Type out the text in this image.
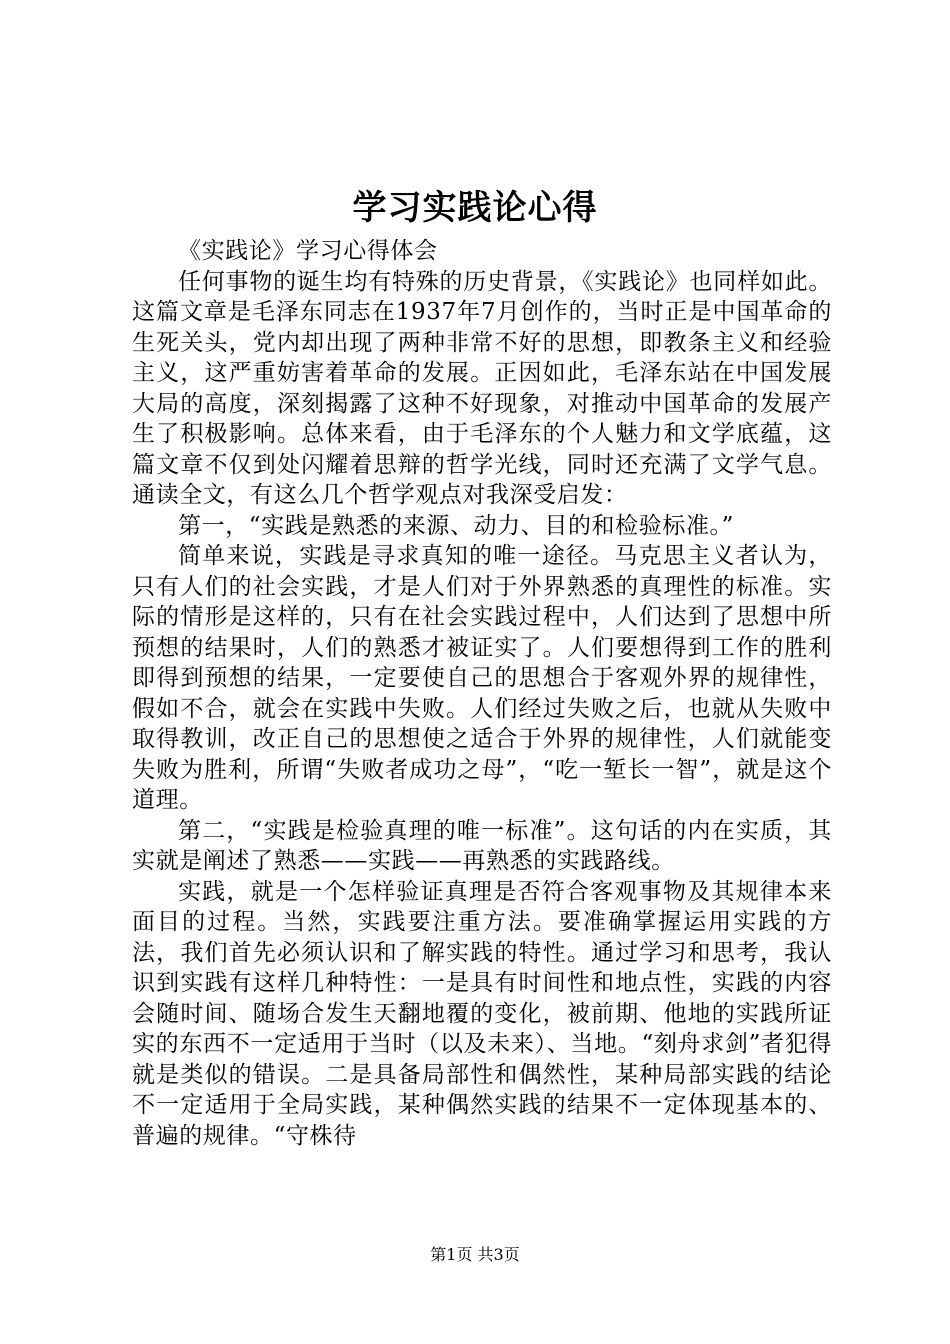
学习实践论心得

《实践论》学习心得体会

任何事物的诞生均有特殊的历史背景，《实践论》也同样如此。这篇文章是毛泽东同志在1937年7月创作的，当时正是中国革命的生死关头，党内却出现了两种非常不好的思想，即教条主义和经验主义，这严重妨害着革命的发展。正因如此，毛泽东站在中国发展大局的高度，深刻揭露了这种不好现象，对推动中国革命的发展产生了积极影响。总体来看，由于毛泽东的个人魅力和文学底蕴，这篇文章不仅到处闪耀着思辩的哲学光线，同时还充满了文学气息。通读全文，有这么几个哲学观点对我深受启发：

第一，“实践是熟悉的来源、动力、目的和检验标准。”

简单来说，实践是寻求真知的唯一途径。马克思主义者认为，只有人们的社会实践，才是人们对于外界熟悉的真理性的标准。实际的情形是这样的，只有在社会实践过程中，人们达到了思想中所预想的结果时，人们的熟悉才被证实了。人们要想得到工作的胜利即得到预想的结果，一定要使自己的思想合于客观外界的规律性，假如不合，就会在实践中失败。人们经过失败之后，也就从失败中取得教训，改正自己的思想使之适合于外界的规律性，人们就能变失败为胜利，所谓“失败者成功之母”，“吃一堑长一智”，就是这个道理。

第二，“实践是检验真理的唯一标准”。这句话的内在实质，其实就是阐述了熟悉——实践——再熟悉的实践路线。

实践，就是一个怎样验证真理是否符合客观事物及其规律本来面目的过程。当然，实践要注重方法。要准确掌握运用实践的方法，我们首先必须认识和了解实践的特性。通过学习和思考，我认识到实践有这样几种特性：一是具有时间性和地点性，实践的内容会随时间、随场合发生天翻地覆的变化，被前期、他地的实践所证实的东西不一定适用于当时（以及未来）、当地。“刻舟求剑”者犯得就是类似的错误。二是具备局部性和偶然性，某种局部实践的结论不一定适用于全局实践，某种偶然实践的结果不一定体现基本的、普遍的规律。“守株待

第1页 共3页
